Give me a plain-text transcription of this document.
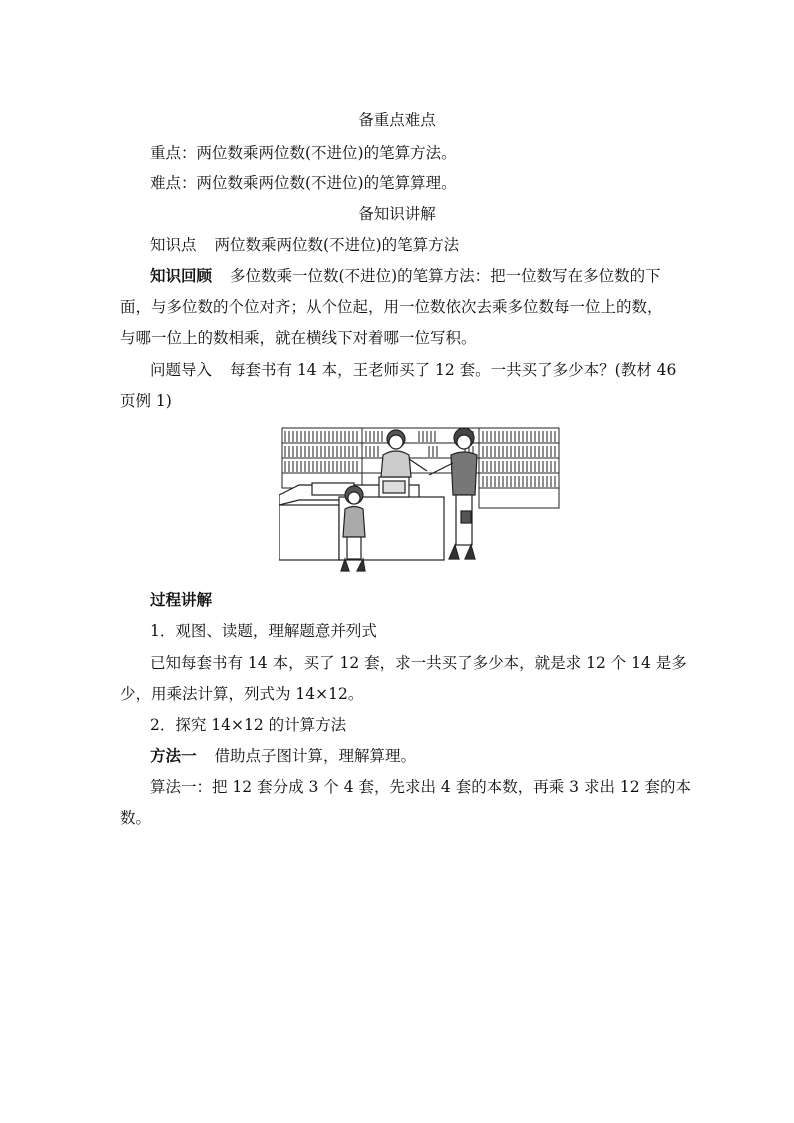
备重点难点
重点：两位数乘两位数(不进位)的笔算方法。
难点：两位数乘两位数(不进位)的笔算算理。
备知识讲解
知识点 两位数乘两位数(不进位)的笔算方法
知识回顾 多位数乘一位数(不进位)的笔算方法：把一位数写在多位数的下
面，与多位数的个位对齐；从个位起，用一位数依次去乘多位数每一位上的数，
与哪一位上的数相乘，就在横线下对着哪一位写积。
问题导入 每套书有 14 本，王老师买了 12 套。一共买了多少本？(教材 46
页例 1)
过程讲解
1．观图、读题，理解题意并列式
已知每套书有 14 本，买了 12 套，求一共买了多少本，就是求 12 个 14 是多
少，用乘法计算，列式为 14×12。
2．探究 14×12 的计算方法
方法一 借助点子图计算，理解算理。
算法一：把 12 套分成 3 个 4 套，先求出 4 套的本数，再乘 3 求出 12 套的本
数。
